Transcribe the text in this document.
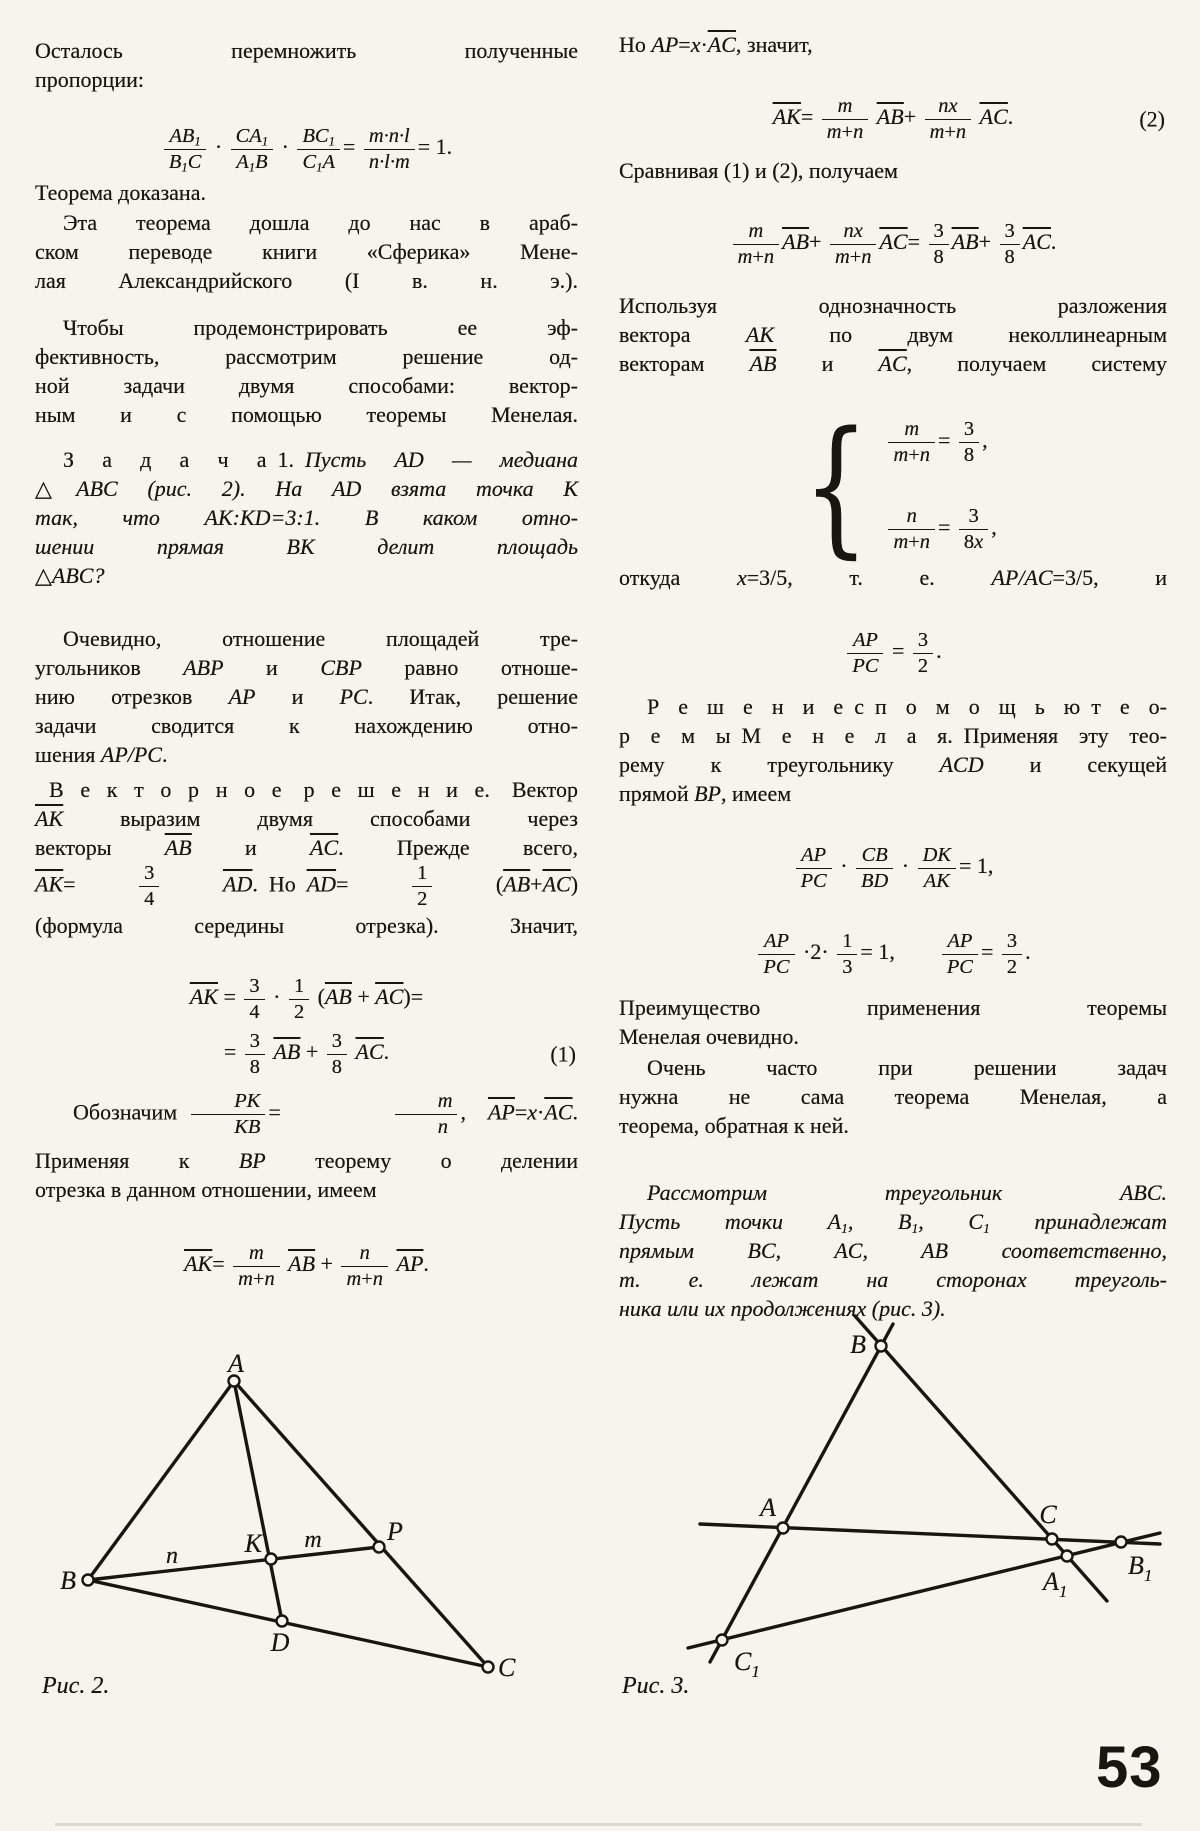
Осталось перемножить полученные
пропорции:
$\frac{AB_1}{B_1C} \cdot \frac{CA_1}{A_1B} \cdot \frac{BC_1}{C_1A} = \frac{m\cdot n\cdot l}{n\cdot l\cdot m} = 1$.
Теорема доказана.
Эта теорема дошла до нас в араб-
ском переводе книги «Сферика» Мене-
лая Александрийского (I в. н. э.).
Чтобы продемонстрировать ее эф-
фективность, рассмотрим решение од-
ной задачи двумя способами: вектор-
ным и с помощью теоремы Менелая.
З а д а ч а 1. Пусть AD — медиана
△ABC (рис. 2). На AD взята точка K
так, что AK:KD=3:1. В каком отно-
шении прямая BK делит площадь
△ABC?
Очевидно, отношение площадей тре-
угольников ABP и CBP равно отноше-
нию отрезков AP и PC. Итак, решение
задачи сводится к нахождению отно-
шения AP/PC.
В е к т о р н о е р е ш е н и е. Вектор
$\overline{AK}$ выразим двумя способами через
векторы $\overline{AB}$ и $\overline{AC}$. Прежде всего,
$\overline{AK}= \frac{3}{4}$	$\overline{AD}$. Но $\overline{AD}= \frac{1}{2} (\overline{AB}+\overline{AC})$
(формула середины отрезка). Значит,
$\overline{AK} = \frac{3}{4} \cdot \frac{1}{2} (\overline{AB} + \overline{AC})=$
= $\frac{3}{8} \overline{AB} + \frac{3}{8} \overline{AC}$.	(1)
Обозначим  $\frac{PK}{KB} = \frac{m}{n}$ , $\overline{AP}=x\cdot\overline{AC}$.
Применяя к BP теорему о делении
отрезка в данном отношении, имеем
$\overline{AK}= \frac{m}{m+n} \overline{AB} + \frac{n}{m+n} \overline{AP}$.
Но $AP=x\cdot\overline{AC}$, значит,
$\overline{AK}= \frac{m}{m+n} \overline{AB}+ \frac{nx}{m+n} \overline{AC}$.	(2)
Сравнивая (1) и (2), получаем
$\frac{m}{m+n} \overline{AB}+ \frac{nx}{m+n} \overline{AC}= \frac{3}{8} \overline{AB}+ \frac{3}{8} \overline{AC}$.
Используя однозначность разложения
вектора AK по двум неколлинеарным
векторам $\overline{AB}$ и $\overline{AC}$, получаем систему
{ $\frac{m}{m+n} = \frac{3}{8}$ ,
$\frac{n}{m+n} = \frac{3}{8x}$ ,
откуда x=3/5, т. е. AP/AC=3/5, и
$\frac{AP}{PC} = \frac{3}{2}$ .
Р е ш е н и е с п о м о щ ь ю т е о-
р е м ы М е н е л а я. Применяя эту тео-
рему к треугольнику ACD и секущей
прямой BP, имеем
$\frac{AP}{PC} \cdot \frac{CB}{BD} \cdot \frac{DK}{AK} = 1$,
$\frac{AP}{PC} \cdot 2\cdot \frac{1}{3} = 1$,   $\frac{AP}{PC} = \frac{3}{2}$ .
Преимущество применения теоремы
Менелая очевидно.
Очень часто при решении задач
нужна не сама теорема Менелая, а
теорема, обратная к ней.
Рассмотрим треугольник ABC.
Пусть точки $A_1$, $B_1$, $C_1$ принадлежат
прямым BC, AC, AB соответственно,
т. е. лежат на сторонах треуголь-
ника или их продолжениях (рис. 3).
A
B
C
D
K	P
n
m
Рис. 2.
B
A	C
$B_1$
$A_1$
$C_1$
Рис. 3.
53
